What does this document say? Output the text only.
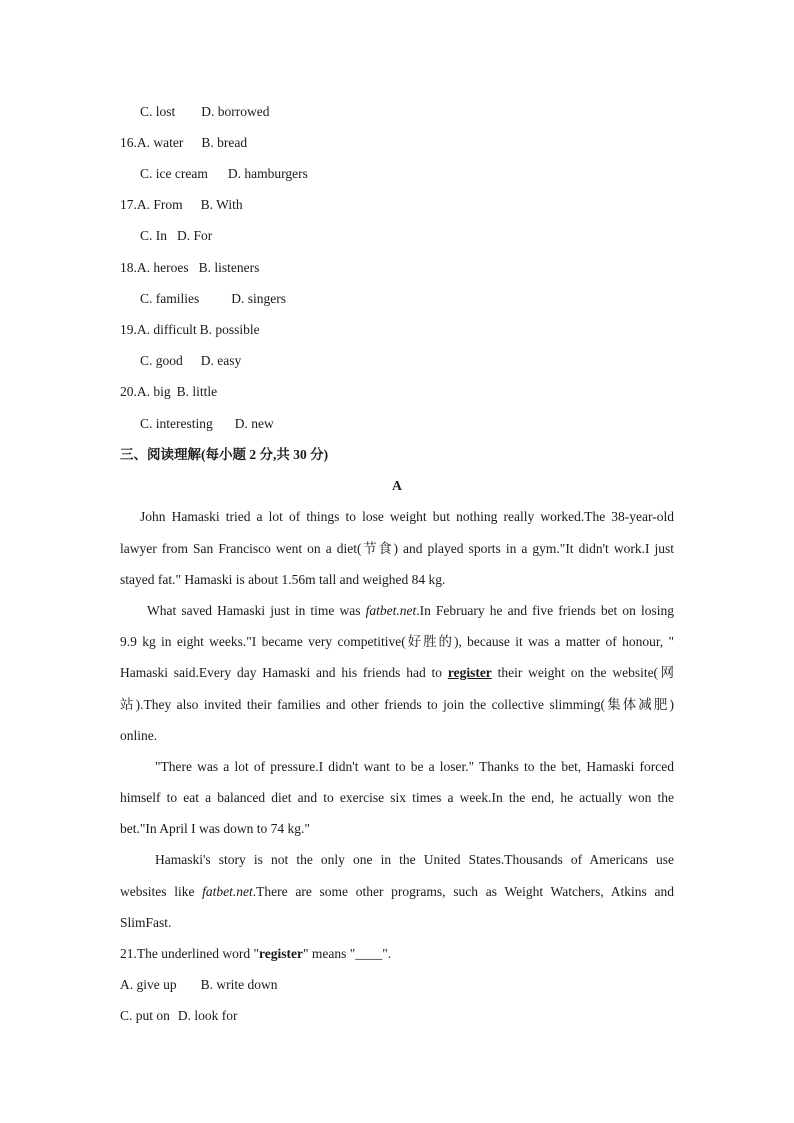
C. lost D. borrowed
16.A. water B. bread
C. ice cream D. hamburgers
17.A. From B. With
C. In D. For
18.A. heroes B. listeners
C. families D. singers
19.A. difficult B. possible
C. good D. easy
20.A. big B. little
C. interesting D. new
三、阅读理解(每小题 2 分,共 30 分)
A
John Hamaski tried a lot of things to lose weight but nothing really worked.The 38-year-old
lawyer from San Francisco went on a diet(节食) and played sports in a gym."It didn't work.I just
stayed fat." Hamaski is about 1.56m tall and weighed 84 kg.
What saved Hamaski just in time was fatbet.net.In February he and five friends bet on losing
9.9 kg in eight weeks."I became very competitive(好胜的), because it was a matter of honour, "
Hamaski said.Every day Hamaski and his friends had to register their weight on the website(网
站).They also invited their families and other friends to join the collective slimming(集体减肥)
online.
"There was a lot of pressure.I didn't want to be a loser." Thanks to the bet, Hamaski forced
himself to eat a balanced diet and to exercise six times a week.In the end, he actually won the
bet."In April I was down to 74 kg."
Hamaski's story is not the only one in the United States.Thousands of Americans use
websites like fatbet.net.There are some other programs, such as Weight Watchers, Atkins and
SlimFast.
21.The underlined word "register" means "____".
A. give up B. write down
C. put on D. look for
